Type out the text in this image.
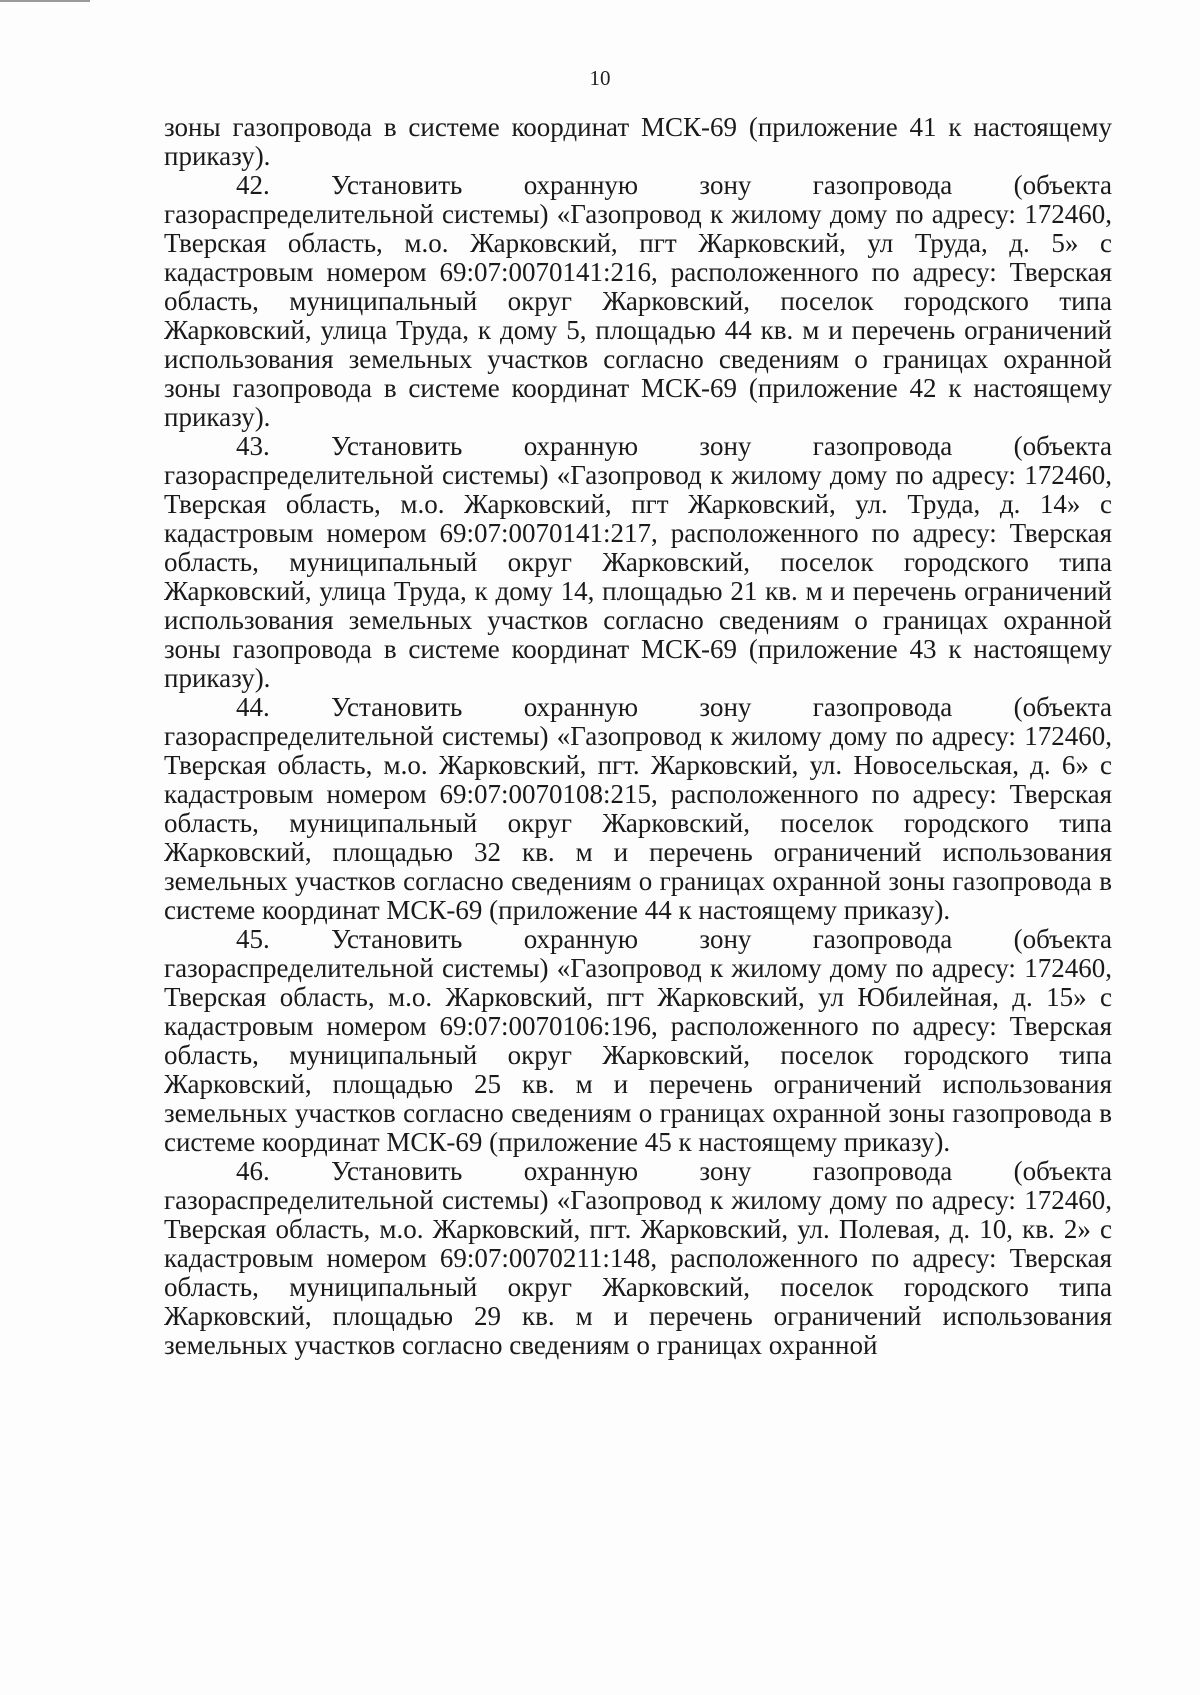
10

зоны газопровода в системе координат МСК-69 (приложение 41 к настоящему приказу).

42. Установить охранную зону газопровода (объекта газораспределительной системы) «Газопровод к жилому дому по адресу: 172460, Тверская область, м.о. Жарковский, пгт Жарковский, ул Труда, д. 5» с кадастровым номером 69:07:0070141:216, расположенного по адресу: Тверская область, муниципальный округ Жарковский, поселок городского типа Жарковский, улица Труда, к дому 5, площадью 44 кв. м и перечень ограничений использования земельных участков согласно сведениям о границах охранной зоны газопровода в системе координат МСК-69 (приложение 42 к настоящему приказу).

43. Установить охранную зону газопровода (объекта газораспределительной системы) «Газопровод к жилому дому по адресу: 172460, Тверская область, м.о. Жарковский, пгт Жарковский, ул. Труда, д. 14» с кадастровым номером 69:07:0070141:217, расположенного по адресу: Тверская область, муниципальный округ Жарковский, поселок городского типа Жарковский, улица Труда, к дому 14, площадью 21 кв. м и перечень ограничений использования земельных участков согласно сведениям о границах охранной зоны газопровода в системе координат МСК-69 (приложение 43 к настоящему приказу).

44. Установить охранную зону газопровода (объекта газораспределительной системы) «Газопровод к жилому дому по адресу: 172460, Тверская область, м.о. Жарковский, пгт. Жарковский, ул. Новосельская, д. 6» с кадастровым номером 69:07:0070108:215, расположенного по адресу: Тверская область, муниципальный округ Жарковский, поселок городского типа Жарковский, площадью 32 кв. м и перечень ограничений использования земельных участков согласно сведениям о границах охранной зоны газопровода в системе координат МСК-69 (приложение 44 к настоящему приказу).

45. Установить охранную зону газопровода (объекта газораспределительной системы) «Газопровод к жилому дому по адресу: 172460, Тверская область, м.о. Жарковский, пгт Жарковский, ул Юбилейная, д. 15» с кадастровым номером 69:07:0070106:196, расположенного по адресу: Тверская область, муниципальный округ Жарковский, поселок городского типа Жарковский, площадью 25 кв. м и перечень ограничений использования земельных участков согласно сведениям о границах охранной зоны газопровода в системе координат МСК-69 (приложение 45 к настоящему приказу).

46. Установить охранную зону газопровода (объекта газораспределительной системы) «Газопровод к жилому дому по адресу: 172460, Тверская область, м.о. Жарковский, пгт. Жарковский, ул. Полевая, д. 10, кв. 2» с кадастровым номером 69:07:0070211:148, расположенного по адресу: Тверская область, муниципальный округ Жарковский, поселок городского типа Жарковский, площадью 29 кв. м и перечень ограничений использования земельных участков согласно сведениям о границах охранной
